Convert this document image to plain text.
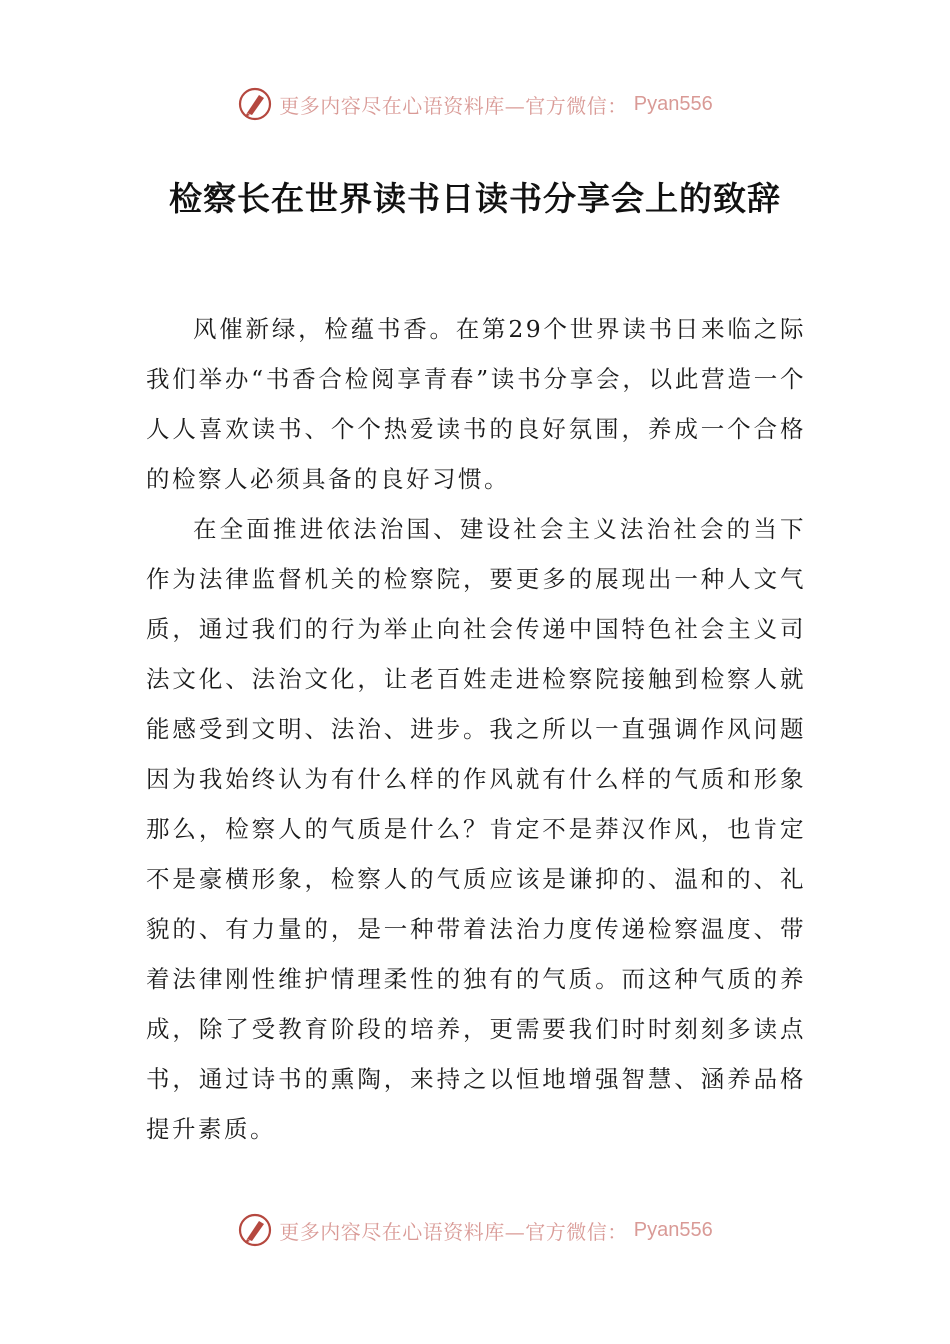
更多内容尽在心语资料库—官方微信： Pyan556
检察长在世界读书日读书分享会上的致辞

风催新绿，检蕴书香。在第29个世界读书日来临之际我们举办“书香合检阅享青春”读书分享会，以此营造一个人人喜欢读书、个个热爱读书的良好氛围，养成一个合格的检察人必须具备的良好习惯。

在全面推进依法治国、建设社会主义法治社会的当下作为法律监督机关的检察院，要更多的展现出一种人文气质，通过我们的行为举止向社会传递中国特色社会主义司法文化、法治文化，让老百姓走进检察院接触到检察人就能感受到文明、法治、进步。我之所以一直强调作风问题因为我始终认为有什么样的作风就有什么样的气质和形象那么，检察人的气质是什么？肯定不是莽汉作风，也肯定不是豪横形象，检察人的气质应该是谦抑的、温和的、礼貌的、有力量的，是一种带着法治力度传递检察温度、带着法律刚性维护情理柔性的独有的气质。而这种气质的养成，除了受教育阶段的培养，更需要我们时时刻刻多读点书，通过诗书的熏陶，来持之以恒地增强智慧、涵养品格提升素质。

更多内容尽在心语资料库—官方微信： Pyan556
